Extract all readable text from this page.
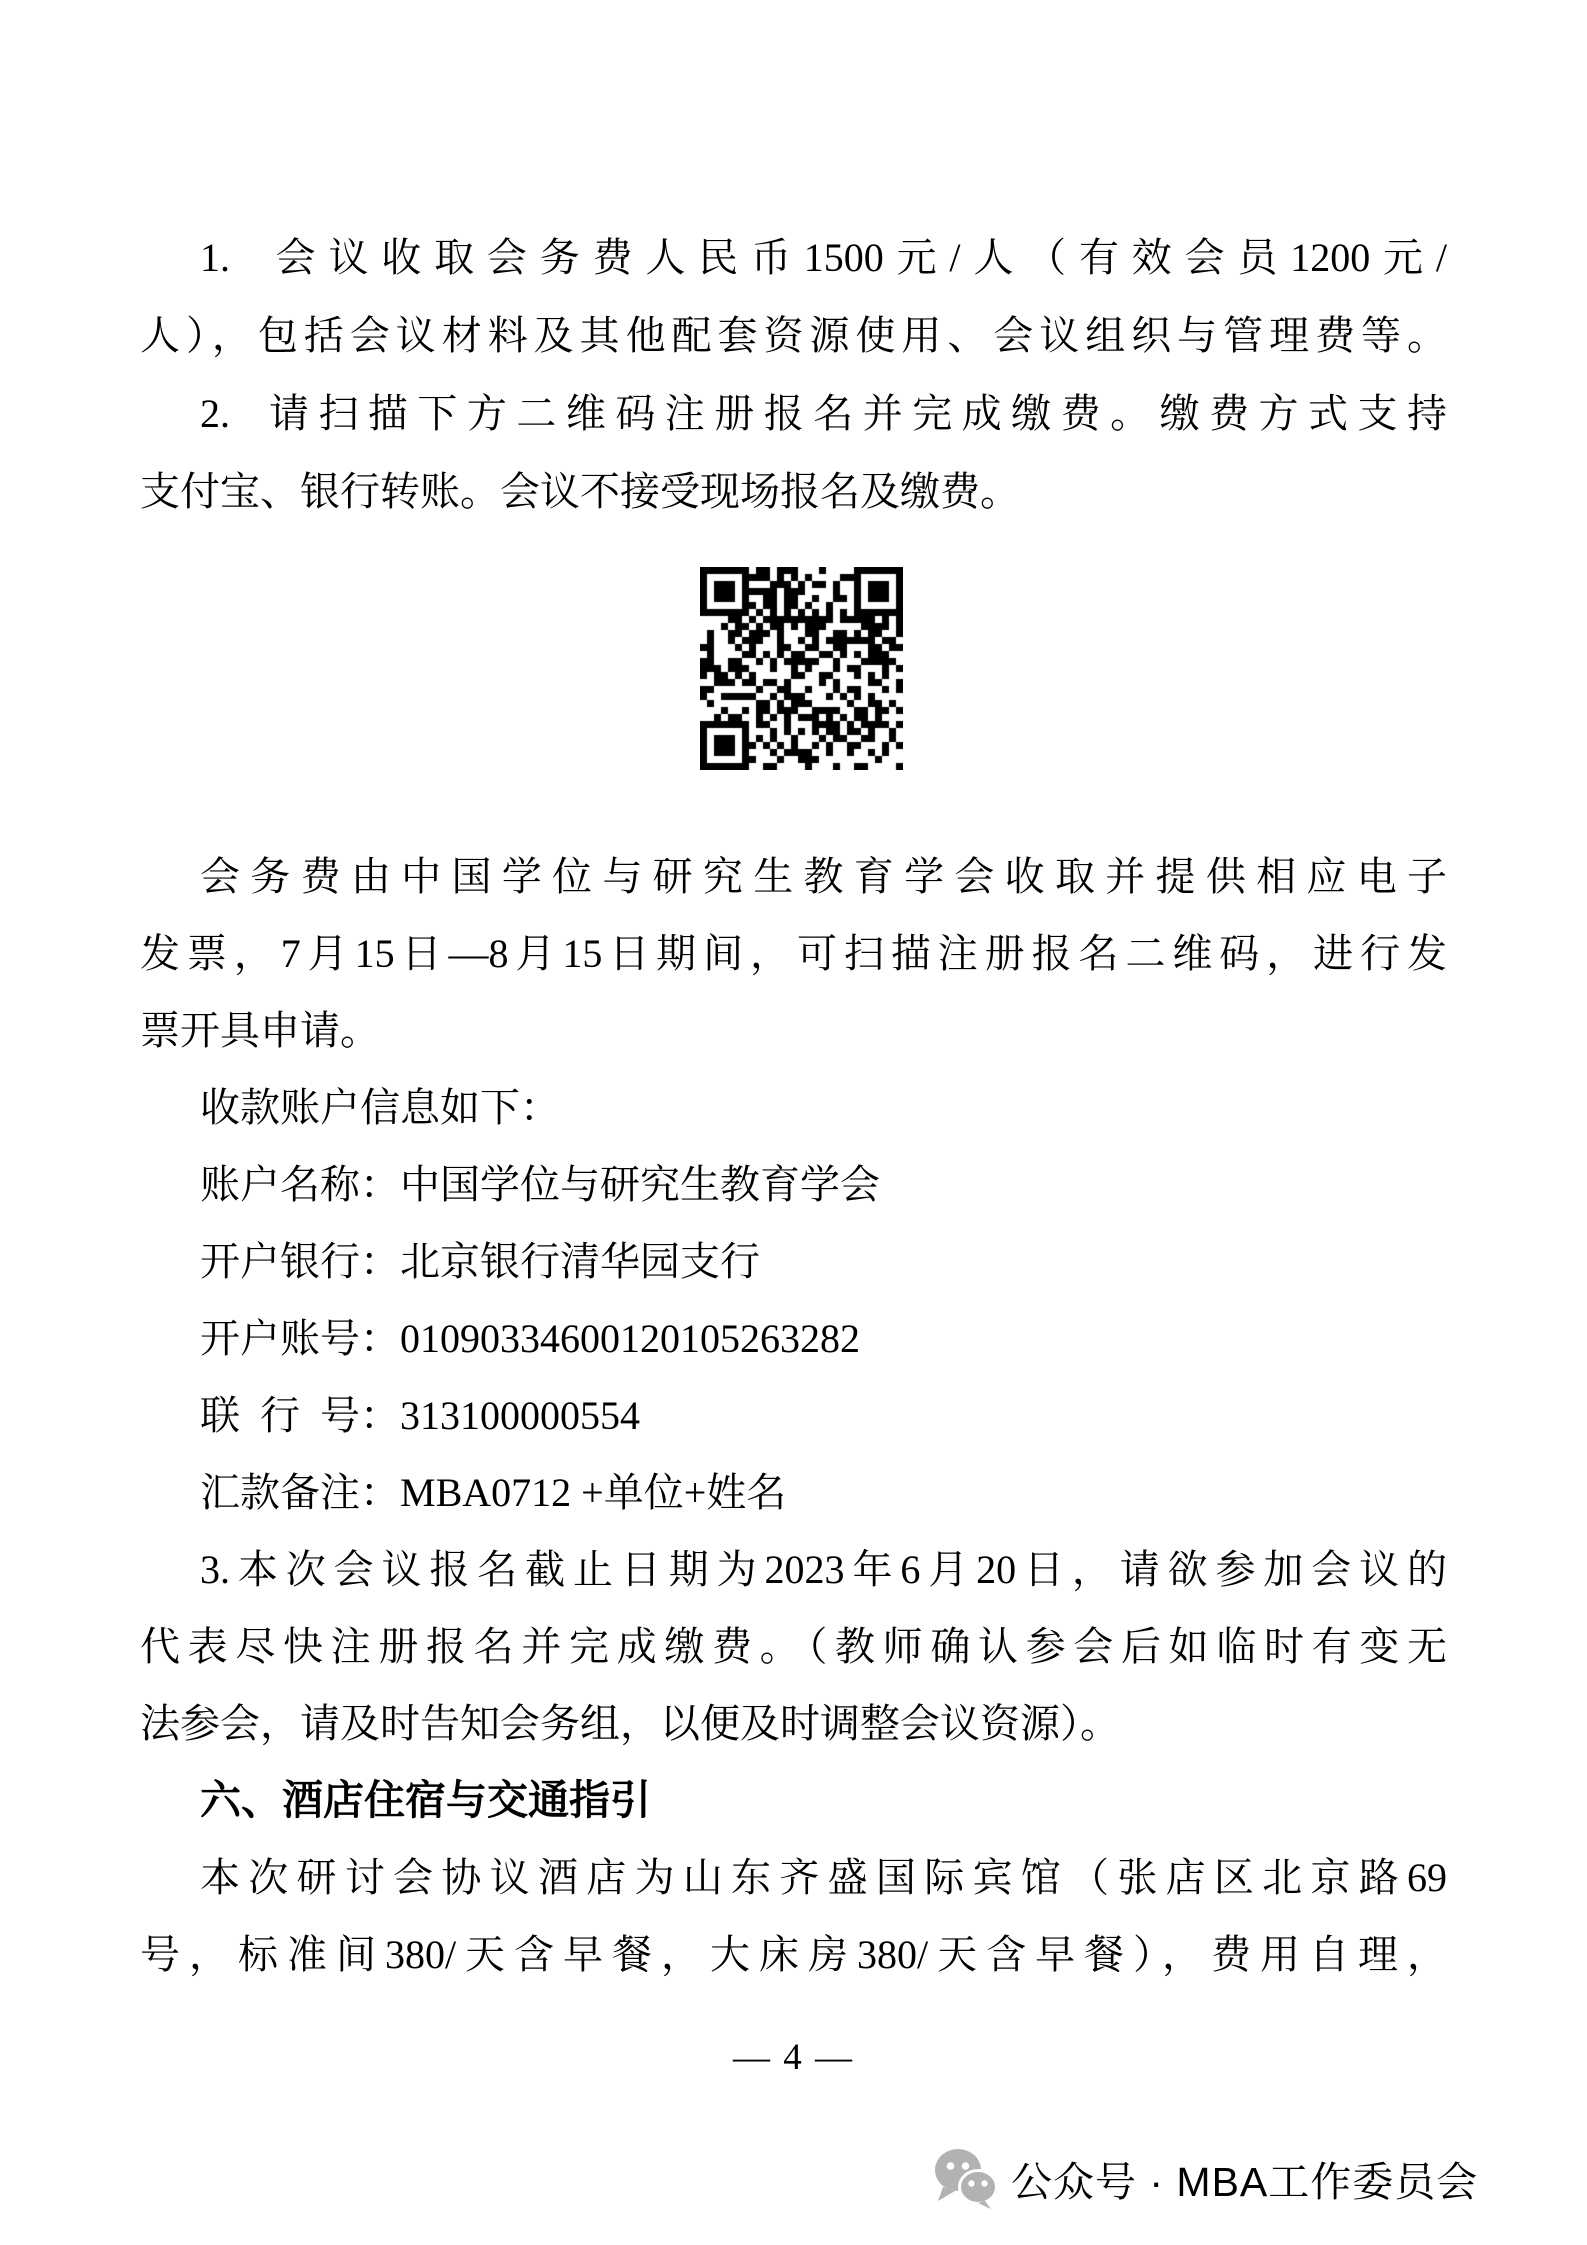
1.  会议收取会务费人民币1500元/人（有效会员1200元/
人），包括会议材料及其他配套资源使用、会议组织与管理费等。
2.  请扫描下方二维码注册报名并完成缴费。缴费方式支持
支付宝、银行转账。会议不接受现场报名及缴费。
会务费由中国学位与研究生教育学会收取并提供相应电子
发票，7月15日—8月15日期间，可扫描注册报名二维码，进行发
票开具申请。
收款账户信息如下：
账户名称：中国学位与研究生教育学会
开户银行：北京银行清华园支行
开户账号：01090334600120105263282
联  行  号：313100000554
汇款备注：MBA0712 +单位+姓名
3.本次会议报名截止日期为2023年6月20日，请欲参加会议的
代表尽快注册报名并完成缴费。（教师确认参会后如临时有变无
法参会，请及时告知会务组，以便及时调整会议资源）。
六、酒店住宿与交通指引
本次研讨会协议酒店为山东齐盛国际宾馆（张店区北京路69
号，标准间380/天含早餐，大床房380/天含早餐），费用自理，
— 4 —
公众号 · MBA工作委员会
